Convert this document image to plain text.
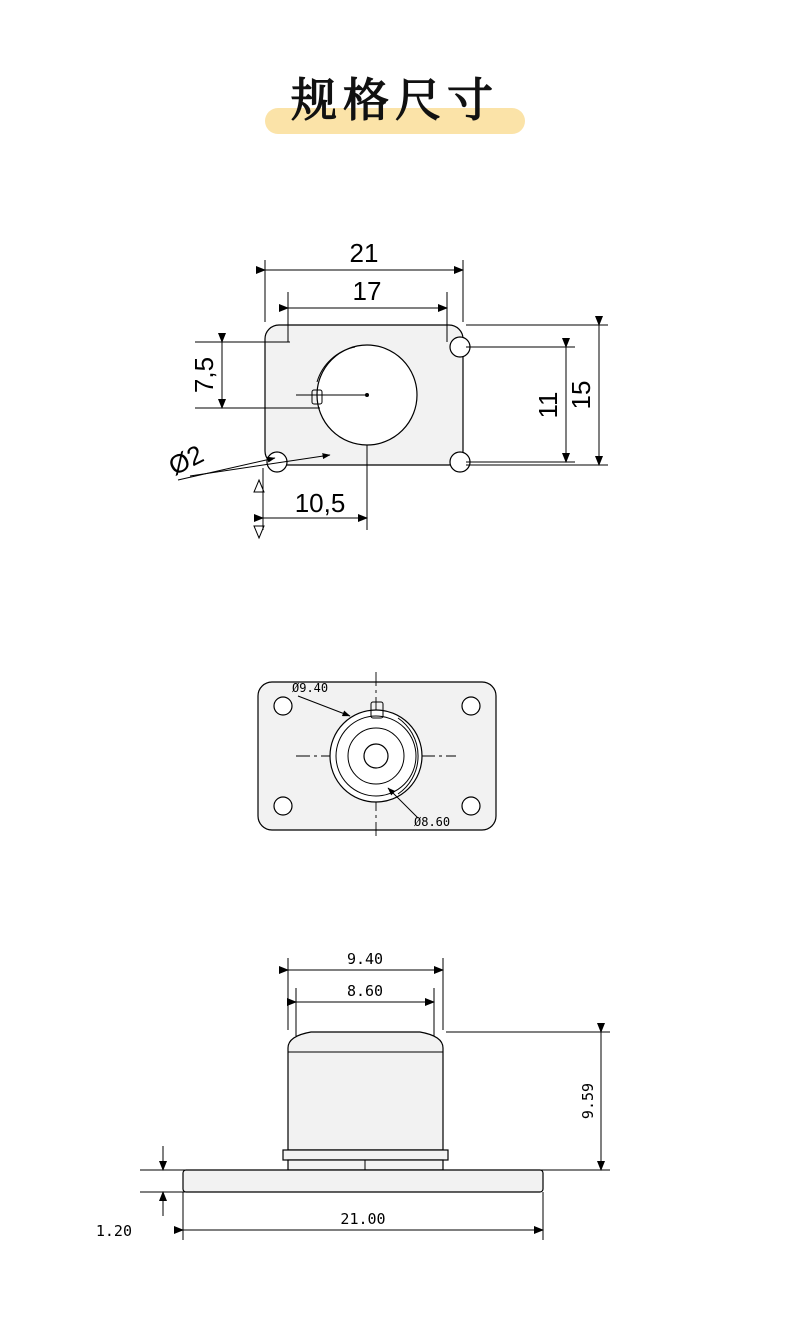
规格尺寸
21
17
7,5
15
11
10,5
Ø2
Ø9.40
Ø8.60
9.40
8.60
9.59
1.20
21.00
